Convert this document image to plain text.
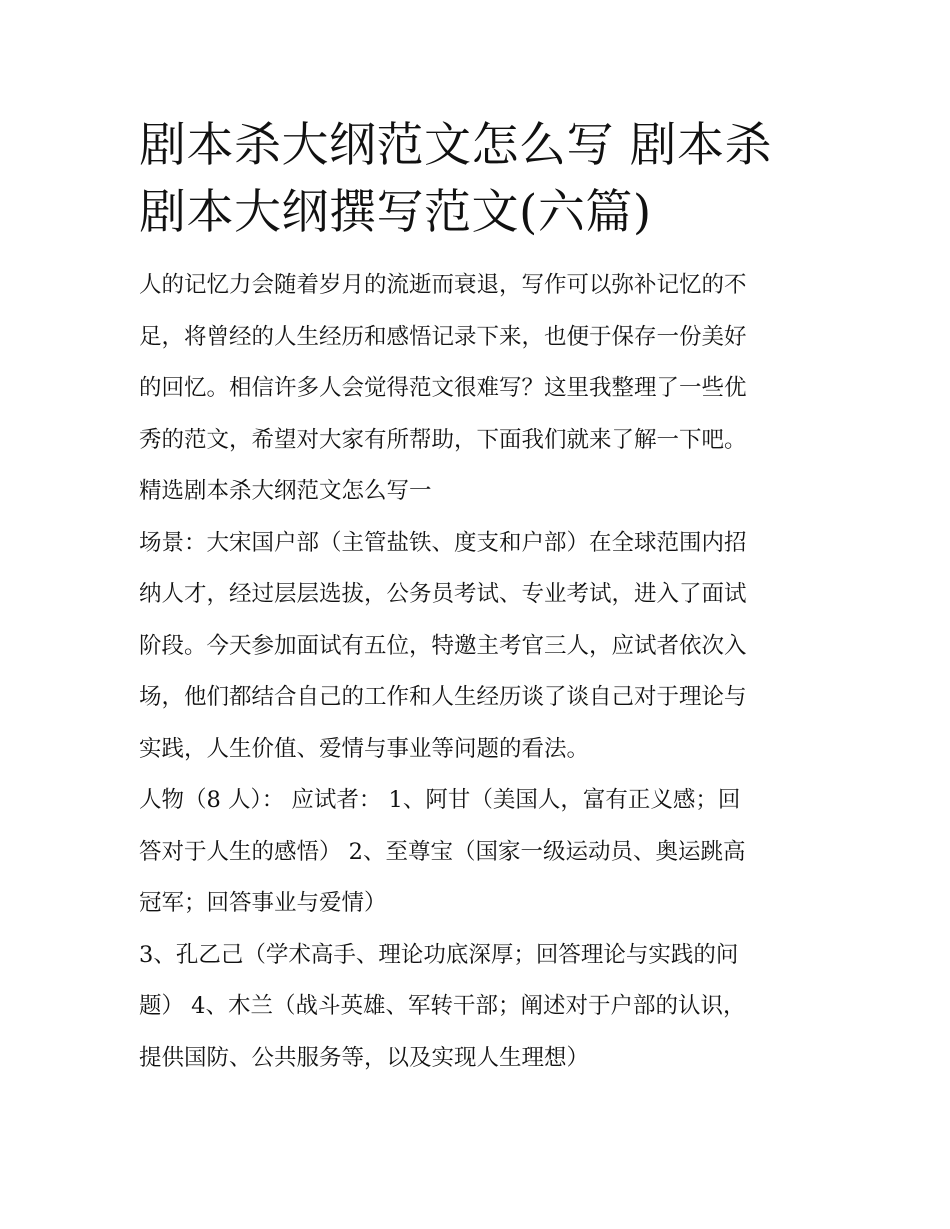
剧本杀大纲范文怎么写 剧本杀
剧本大纲撰写范文(六篇)

人的记忆力会随着岁月的流逝而衰退，写作可以弥补记忆的不
足，将曾经的人生经历和感悟记录下来，也便于保存一份美好
的回忆。相信许多人会觉得范文很难写？这里我整理了一些优
秀的范文，希望对大家有所帮助，下面我们就来了解一下吧。

精选剧本杀大纲范文怎么写一

场景：大宋国户部（主管盐铁、度支和户部）在全球范围内招
纳人才，经过层层选拔，公务员考试、专业考试，进入了面试
阶段。今天参加面试有五位，特邀主考官三人，应试者依次入
场，他们都结合自己的工作和人生经历谈了谈自己对于理论与
实践，人生价值、爱情与事业等问题的看法。

人物（8 人）： 应试者： 1、阿甘（美国人，富有正义感；回
答对于人生的感悟） 2、至尊宝（国家一级运动员、奥运跳高
冠军；回答事业与爱情）

3、孔乙己（学术高手、理论功底深厚；回答理论与实践的问
题） 4、木兰（战斗英雄、军转干部；阐述对于户部的认识，
提供国防、公共服务等，以及实现人生理想）
